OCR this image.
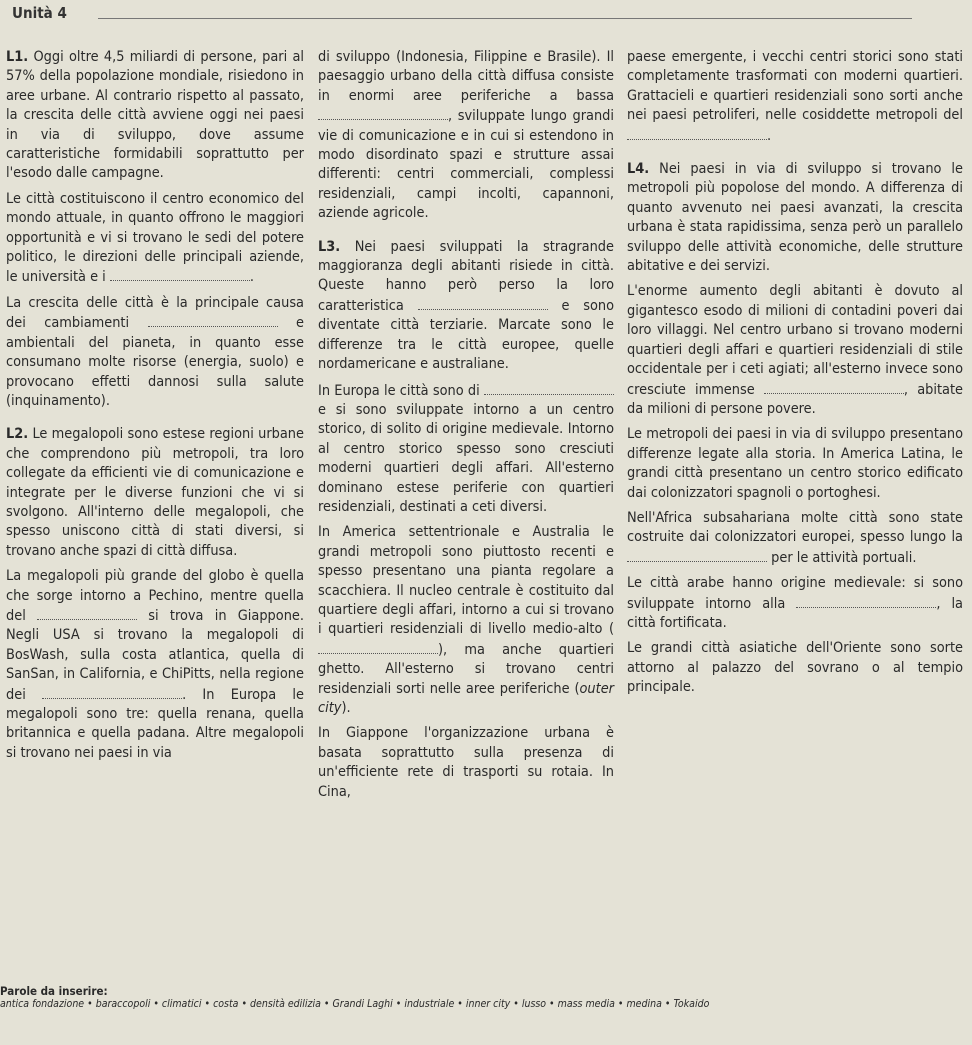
Unità 4

L1. Oggi oltre 4,5 miliardi di persone, pari al 57% della popolazione mondiale, risiedono in aree urbane. Al contrario rispetto al passato, la crescita delle città avviene oggi nei paesi in via di sviluppo, dove assume caratteristiche formidabili soprattutto per l'esodo dalle campagne.

Le città costituiscono il centro economico del mondo attuale, in quanto offrono le maggiori opportunità e vi si trovano le sedi del potere politico, le direzioni delle principali aziende, le università e i	.

La crescita delle città è la principale causa dei cambiamenti	e ambientali del pianeta, in quanto esse consumano molte risorse (energia, suolo) e provocano effetti dannosi sulla salute (inquinamento).

L2. Le megalopoli sono estese regioni urbane che comprendono più metropoli, tra loro collegate da efficienti vie di comunicazione e integrate per le diverse funzioni che vi si svolgono. All'interno delle megalopoli, che spesso uniscono città di stati diversi, si trovano anche spazi di città diffusa.

La megalopoli più grande del globo è quella che sorge intorno a Pechino, mentre quella del	si trova in Giappone. Negli USA si trovano la megalopoli di BosWash, sulla costa atlantica, quella di SanSan, in California, e ChiPitts, nella regione dei	. In Europa le megalopoli sono tre: quella renana, quella britannica e quella padana. Altre megalopoli si trovano nei paesi in via

di sviluppo (Indonesia, Filippine e Brasile). Il paesaggio urbano della città diffusa consiste in enormi aree periferiche a bassa , sviluppate lungo grandi vie di comunicazione e in cui si estendono in modo disordinato spazi e strutture assai differenti: centri commerciali, complessi residenziali, campi incolti, capannoni, aziende agricole.

L3. Nei paesi sviluppati la stragrande maggioranza degli abitanti risiede in città. Queste hanno però perso la loro caratteristica	e sono diventate città terziarie. Marcate sono le differenze tra le città europee, quelle nordamericane e australiane.

In Europa le città sono di  e si sono sviluppate intorno a un centro storico, di solito di origine medievale. Intorno al centro storico spesso sono cresciuti moderni quartieri degli affari. All'esterno dominano estese periferie con quartieri residenziali, destinati a ceti diversi.

In America settentrionale e Australia le grandi metropoli sono piuttosto recenti e spesso presentano una pianta regolare a scacchiera. Il nucleo centrale è costituito dal quartiere degli affari, intorno a cui si trovano i quartieri residenziali di livello medio-alto (), ma anche quartieri ghetto. All'esterno si trovano centri residenziali sorti nelle aree periferiche (outer city).

In Giappone l'organizzazione urbana è basata soprattutto sulla presenza di un'efficiente rete di trasporti su rotaia. In Cina,

paese emergente, i vecchi centri storici sono stati completamente trasformati con moderni quartieri. Grattacieli e quartieri residenziali sono sorti anche nei paesi petroliferi, nelle cosiddette metropoli del .

L4. Nei paesi in via di sviluppo si trovano le metropoli più popolose del mondo. A differenza di quanto avvenuto nei paesi avanzati, la crescita urbana è stata rapidissima, senza però un parallelo sviluppo delle attività economiche, delle strutture abitative e dei servizi.

L'enorme aumento degli abitanti è dovuto al gigantesco esodo di milioni di contadini poveri dai loro villaggi. Nel centro urbano si trovano moderni quartieri degli affari e quartieri residenziali di stile occidentale per i ceti agiati; all'esterno invece sono cresciute immense	, abitate da milioni di persone povere.

Le metropoli dei paesi in via di sviluppo presentano differenze legate alla storia. In America Latina, le grandi città presentano un centro storico edificato dai colonizzatori spagnoli o portoghesi.

Nell'Africa subsahariana molte città sono state costruite dai colonizzatori europei, spesso lungo la  per le attività portuali.

Le città arabe hanno origine medievale: si sono sviluppate intorno alla	, la città fortificata.

Le grandi città asiatiche dell'Oriente sono sorte attorno al palazzo del sovrano o al tempio principale.

Parole da inserire:
antica fondazione • baraccopoli • climatici • costa • densità edilizia • Grandi Laghi • industriale • inner city • lusso • mass media • medina • Tokaido
